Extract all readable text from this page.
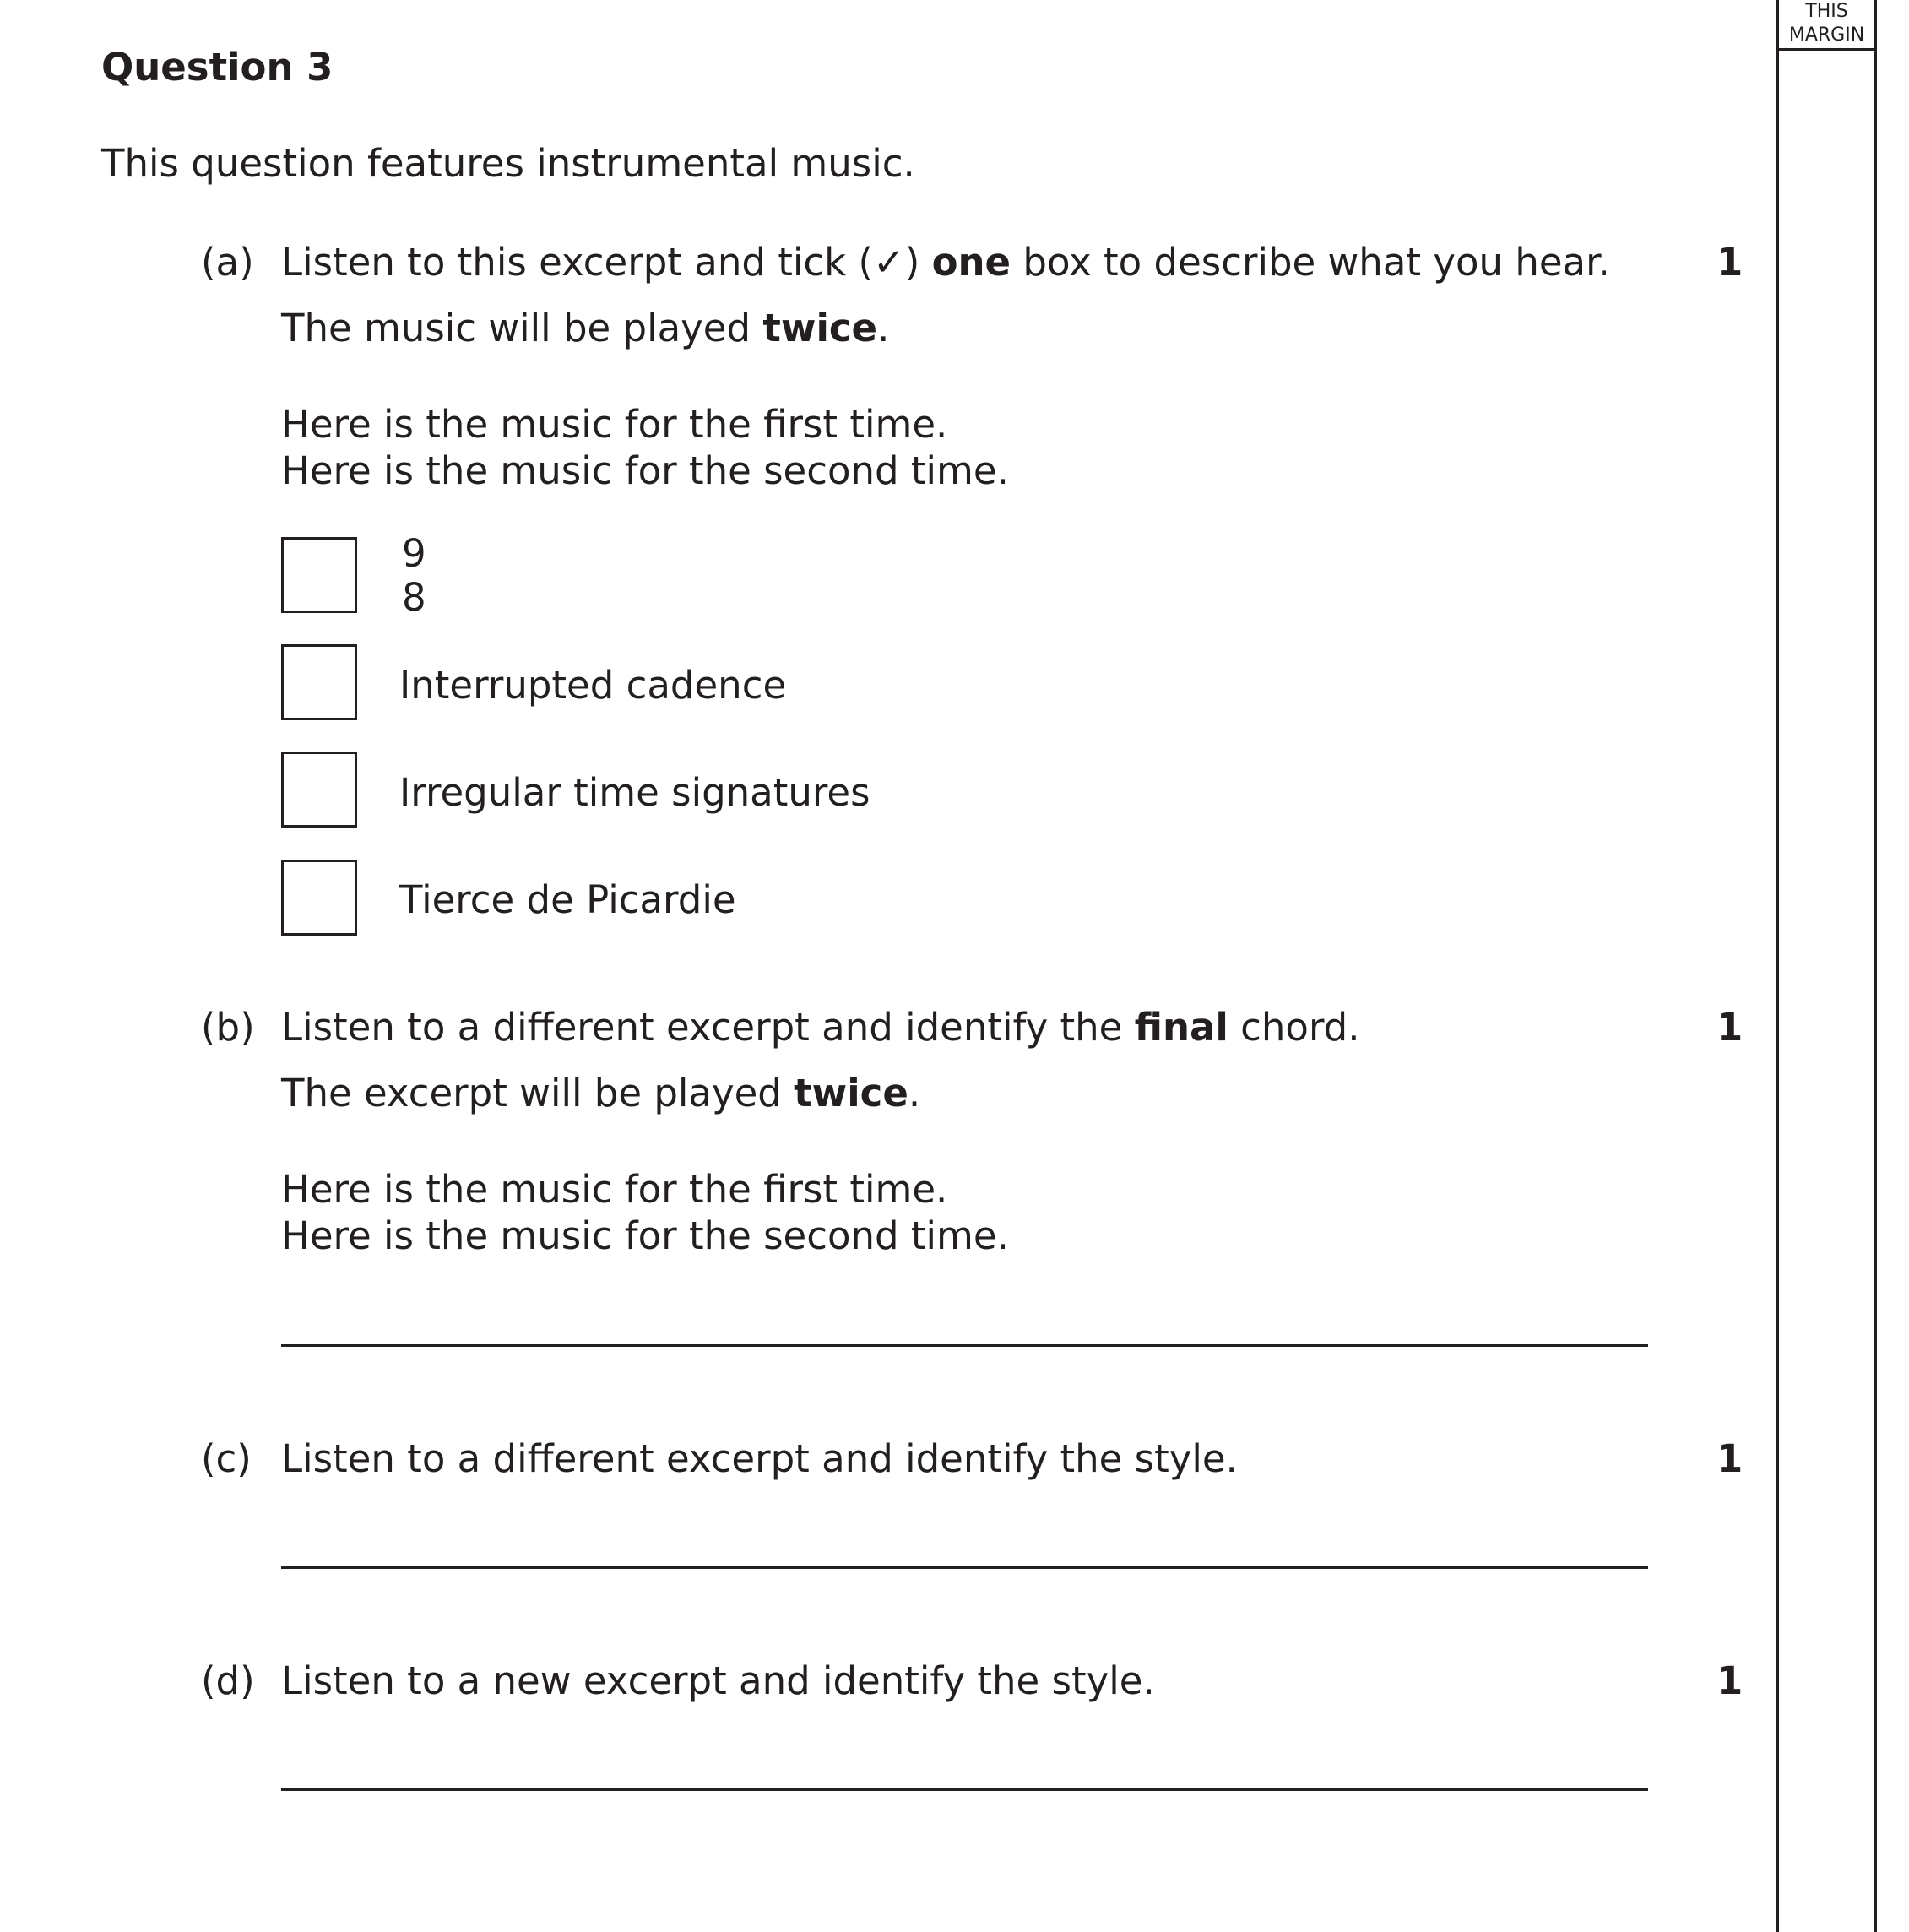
THIS
MARGIN
Question 3
This question features instrumental music.
(a) Listen to this excerpt and tick (✓) one box to describe what you hear.	1
The music will be played twice.
Here is the music for the first time.
Here is the music for the second time.
9
8
Interrupted cadence
Irregular time signatures
Tierce de Picardie
(b) Listen to a different excerpt and identify the final chord.	1
The excerpt will be played twice.
Here is the music for the first time.
Here is the music for the second time.
(c) Listen to a different excerpt and identify the style.	1
(d) Listen to a new excerpt and identify the style.	1
